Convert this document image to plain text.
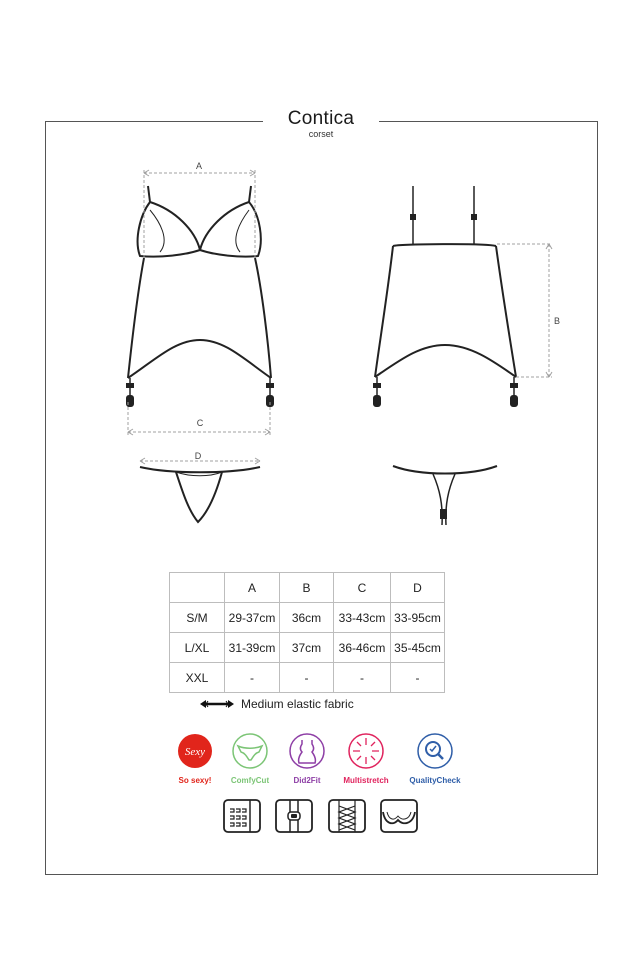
Contica
corset
A
C
B
D
	A	B	C	D
S/M	29-37cm	36cm	33-43cm	33-95cm
L/XL	31-39cm	37cm	36-46cm	35-45cm
XXL	-	-	-	-
Medium elastic fabric
Sexy
So sexy!	ComfyCut	Did2Fit	Multistretch	QualityCheck
